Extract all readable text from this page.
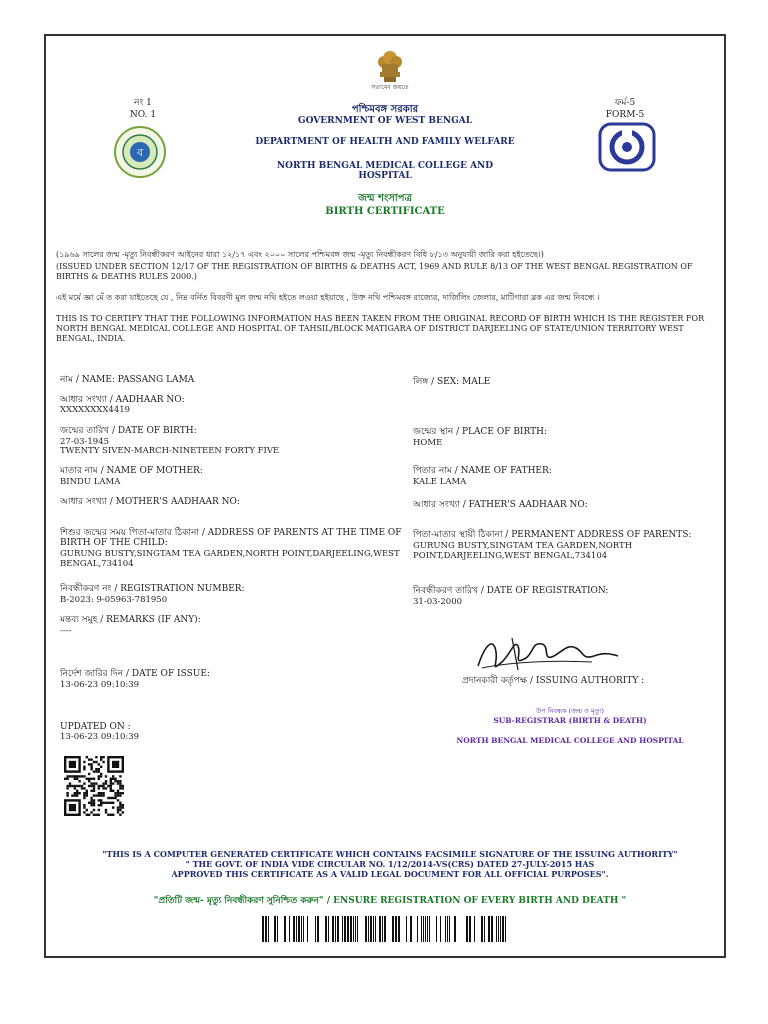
সত্যমেব জয়তে
নং 1
NO. 1
ব
ফর্ম-5
FORM-5
পশ্চিমবঙ্গ সরকার
GOVERNMENT OF WEST BENGAL
DEPARTMENT OF HEALTH AND FAMILY WELFARE
NORTH BENGAL MEDICAL COLLEGE AND
HOSPITAL
জন্ম শংসাপত্র
BIRTH CERTIFICATE
(১৯৬৯ সালের জন্ম -মৃত্যু নিবন্ধীকরণ আইনের ধারা ১২/১৭ এবং ২০০০ সালের পশ্চিমবঙ্গ জন্ম -মৃত্যু নিবন্ধীকরণ বিধি ৮/১৩ অনুযায়ী জারি করা হইতেছে।)
(ISSUED UNDER SECTION 12/17 OF THE REGISTRATION OF BIRTHS & DEATHS ACT, 1969 AND RULE 8/13 OF THE WEST BENGAL REGISTRATION OF BIRTHS & DEATHS RULES 2000.)
এই মর্মে জ্ঞা মেঁ ত করা যাইতেছে যে , নিম্ন বর্নিত বিবরণী মুল জন্ম নথি হইতে লওয়া হইয়াছে , উক্ত নথি পশ্চিমবঙ্গ রাজ্যের, দার্জিলিং জেলার, মাটিগারা ব্লক এর জন্ম নিবন্ধে ।
THIS IS TO CERTIFY THAT THE FOLLOWING INFORMATION HAS BEEN TAKEN FROM THE ORIGINAL RECORD OF BIRTH WHICH IS THE REGISTER FOR NORTH BENGAL MEDICAL COLLEGE AND HOSPITAL OF TAHSIL/BLOCK MATIGARA OF DISTRICT DARJEELING OF STATE/UNION TERRITORY WEST BENGAL, INDIA.
নাম / NAME: PASSANG LAMA
আধার সংখ্যা / AADHAAR NO:
XXXXXXXX4419
জন্মের তারিখ / DATE OF BIRTH:
27-03-1945
TWENTY SIVEN-MARCH-NINETEEN FORTY FIVE
মাতার নাম / NAME OF MOTHER:
BINDU LAMA
আধার সংখ্যা / MOTHER'S AADHAAR NO:
শিশুর জন্মের সময় পিতা-মাতার ঠিকানা / ADDRESS OF PARENTS AT THE TIME OF BIRTH OF THE CHILD:
GURUNG BUSTY,SINGTAM TEA GARDEN,NORTH POINT,DARJEELING,WEST BENGAL,734104
নিবন্ধীকরণ নং / REGISTRATION NUMBER:
B-2023: 9-05963-781950
মন্তব্য সমুহ / REMARKS (IF ANY):
----
নির্দেশ জারির দিন / DATE OF ISSUE:
13-06-23 09:10:39
UPDATED ON :
13-06-23 09:10:39
লিঙ্গ / SEX: MALE
জন্মের স্থান / PLACE OF BIRTH:
HOME
পিতার নাম / NAME OF FATHER:
KALE LAMA
আধার সংখ্যা / FATHER'S AADHAAR NO:
পিতা-মাতার স্থায়ী ঠিকানা / PERMANENT ADDRESS OF PARENTS:
GURUNG BUSTY,SINGTAM TEA GARDEN,NORTH POINT,DARJEELING,WEST BENGAL,734104
নিবন্ধীকরণ তারিখ / DATE OF REGISTRATION:
31-03-2000
প্রদানকারী কর্তৃপক্ষ / ISSUING AUTHORITY :
উপ নিবন্ধক (জন্ম ও মৃত্যু)
SUB-REGISTRAR (BIRTH & DEATH)
NORTH BENGAL MEDICAL COLLEGE AND HOSPITAL
"THIS IS A COMPUTER GENERATED CERTIFICATE WHICH CONTAINS FACSIMILE SIGNATURE OF THE ISSUING AUTHORITY"
" THE GOVT. OF INDIA VIDE CIRCULAR NO. 1/12/2014-VS(CRS) DATED 27-JULY-2015 HAS
APPROVED THIS CERTIFICATE AS A VALID LEGAL DOCUMENT FOR ALL OFFICIAL PURPOSES".
"প্রতিটি জন্ম- মৃত্যু নিবন্ধীকরণ সুনিশ্চিত করুন" / ENSURE REGISTRATION OF EVERY BIRTH AND DEATH "
